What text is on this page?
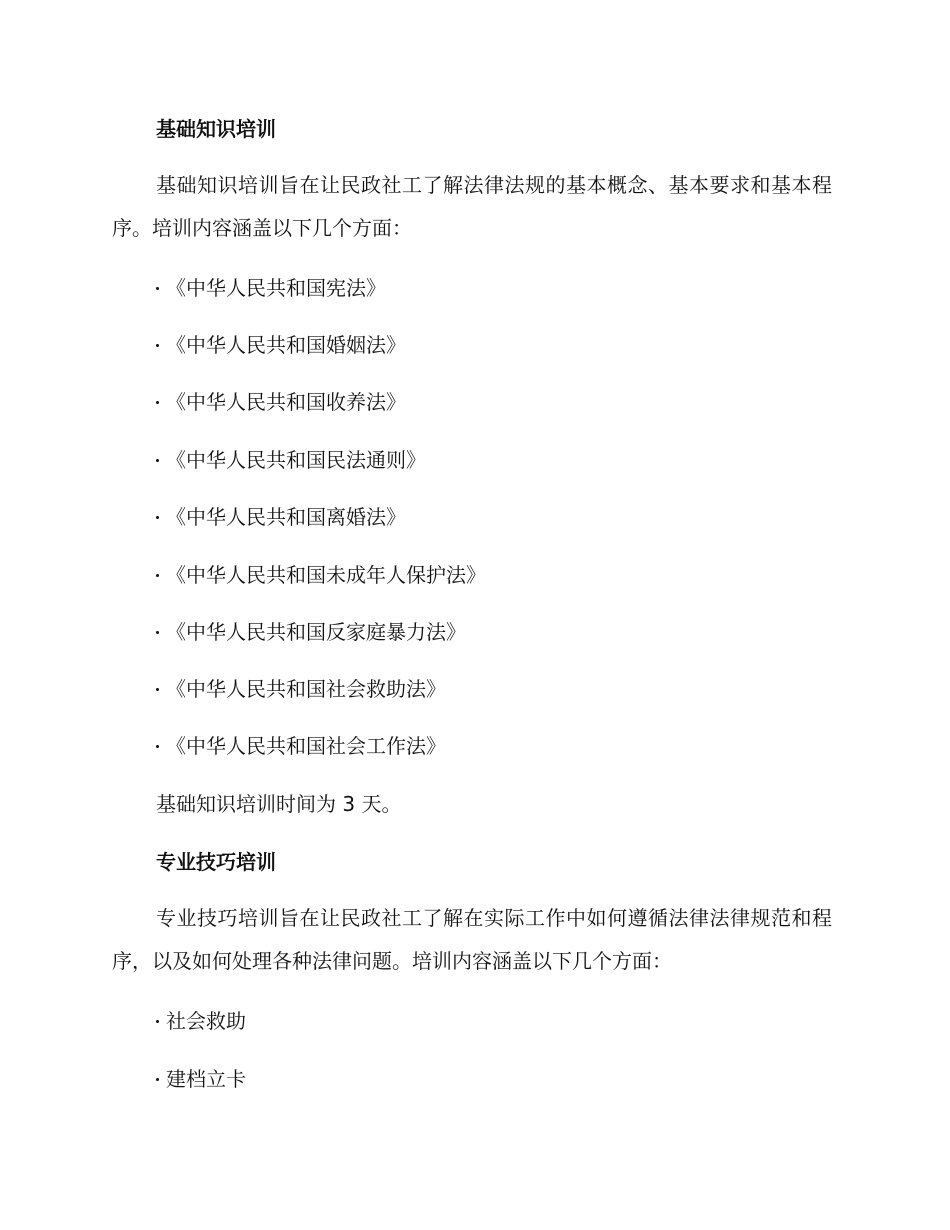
基础知识培训

基础知识培训旨在让民政社工了解法律法规的基本概念、基本要求和基本程序。培训内容涵盖以下几个方面：

《中华人民共和国宪法》
《中华人民共和国婚姻法》
《中华人民共和国收养法》
《中华人民共和国民法通则》
《中华人民共和国离婚法》
《中华人民共和国未成年人保护法》
《中华人民共和国反家庭暴力法》
《中华人民共和国社会救助法》
《中华人民共和国社会工作法》

基础知识培训时间为 3 天。

专业技巧培训

专业技巧培训旨在让民政社工了解在实际工作中如何遵循法律法律规范和程序，以及如何处理各种法律问题。培训内容涵盖以下几个方面：

社会救助
建档立卡
